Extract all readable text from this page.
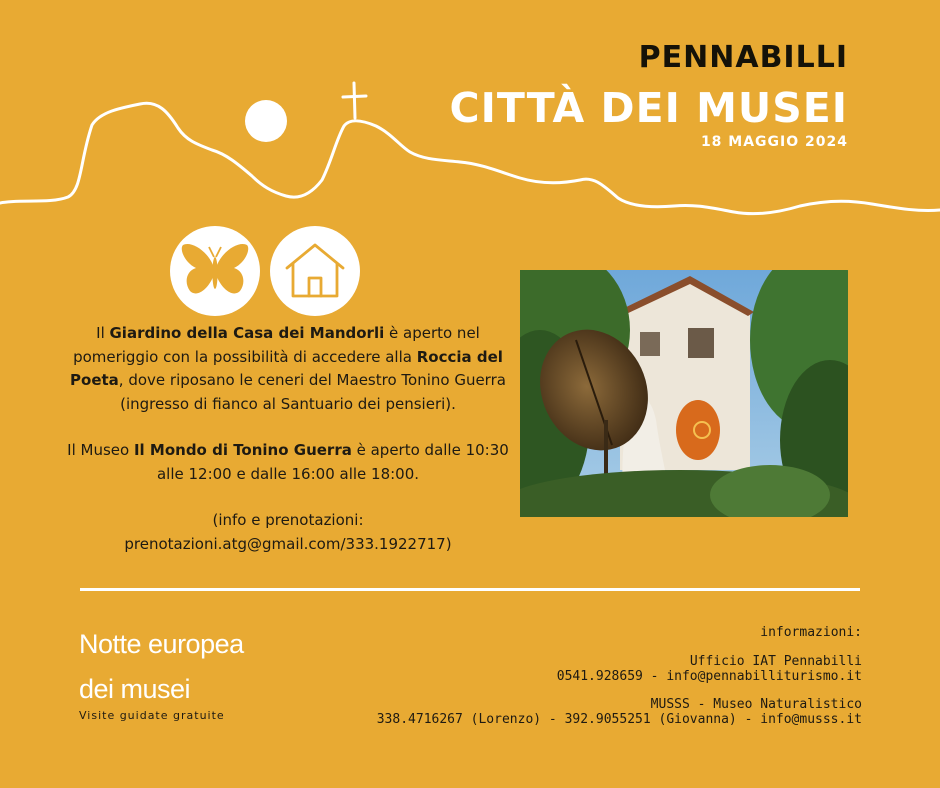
PENNABILLI
CITTÀ DEI MUSEI
18 MAGGIO 2024

Il Giardino della Casa dei Mandorli è aperto nel pomeriggio con la possibilità di accedere alla Roccia del Poeta, dove riposano le ceneri del Maestro Tonino Guerra (ingresso di fianco al Santuario dei pensieri).

Il Museo Il Mondo di Tonino Guerra è aperto dalle 10:30 alle 12:00 e dalle 16:00 alle 18:00.

(info e prenotazioni:
prenotazioni.atg@gmail.com/333.1922717)

Notte europea
dei musei
Visite guidate gratuite
informazioni:
Ufficio IAT Pennabilli
0541.928659 - info@pennabilliturismo.it
MUSSS - Museo Naturalistico
338.4716267 (Lorenzo) - 392.9055251 (Giovanna) - info@musss.it
